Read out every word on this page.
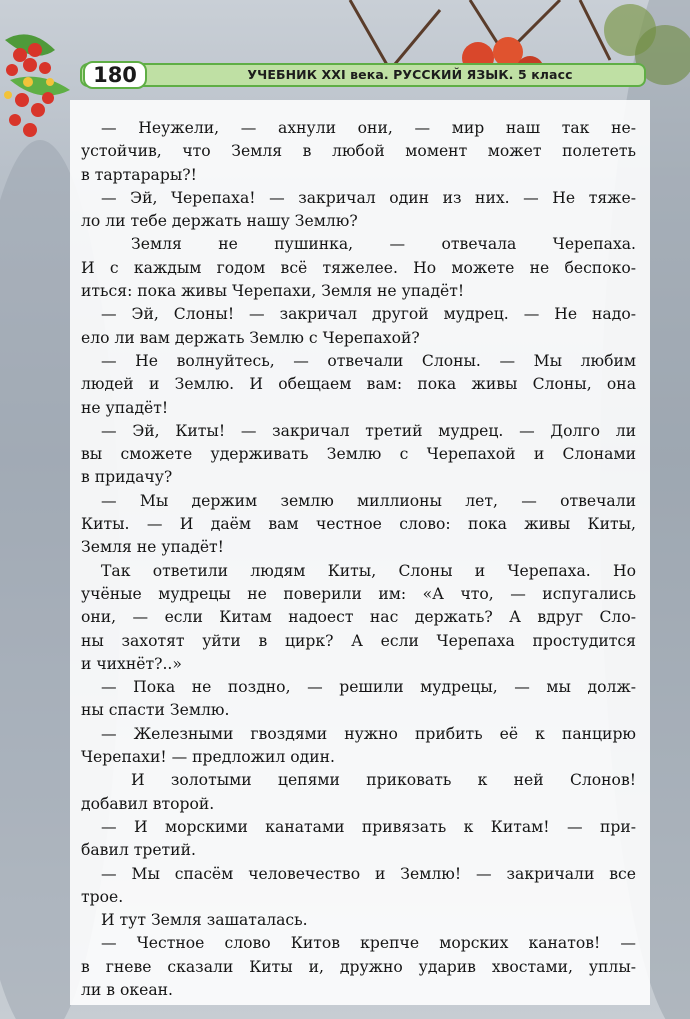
180	УЧЕБНИК XXI века. РУССКИЙ ЯЗЫК. 5 класс
— Неужели, — ахнули они, — мир наш так не-
устойчив, что Земля в любой момент может полететь
в тартарары?!
— Эй, Черепаха! — закричал один из них. — Не тяже-
ло ли тебе держать нашу Землю?
Земля не пушинка, — отвечала Черепаха.
И с каждым годом всё тяжелее. Но можете не беспоко-
иться: пока живы Черепахи, Земля не упадёт!
— Эй, Слоны! — закричал другой мудрец. — Не надо-
ело ли вам держать Землю с Черепахой?
— Не волнуйтесь, — отвечали Слоны. — Мы любим
людей и Землю. И обещаем вам: пока живы Слоны, она
не упадёт!
— Эй, Киты! — закричал третий мудрец. — Долго ли
вы сможете удерживать Землю с Черепахой и Слонами
в придачу?
— Мы держим землю миллионы лет, — отвечали
Киты. — И даём вам честное слово: пока живы Киты,
Земля не упадёт!
Так ответили людям Киты, Слоны и Черепаха. Но
учёные мудрецы не поверили им: «А что, — испугались
они, — если Китам надоест нас держать? А вдруг Сло-
ны захотят уйти в цирк? А если Черепаха простудится
и чихнёт?..»
— Пока не поздно, — решили мудрецы, — мы долж-
ны спасти Землю.
— Железными гвоздями нужно прибить её к панцирю
Черепахи! — предложил один.
И золотыми цепями приковать к ней Слонов!
добавил второй.
— И морскими канатами привязать к Китам! — при-
бавил третий.
— Мы спасём человечество и Землю! — закричали все
трое.
И тут Земля зашаталась.
— Честное слово Китов крепче морских канатов! —
в гневе сказали Киты и, дружно ударив хвостами, уплы-
ли в океан.
